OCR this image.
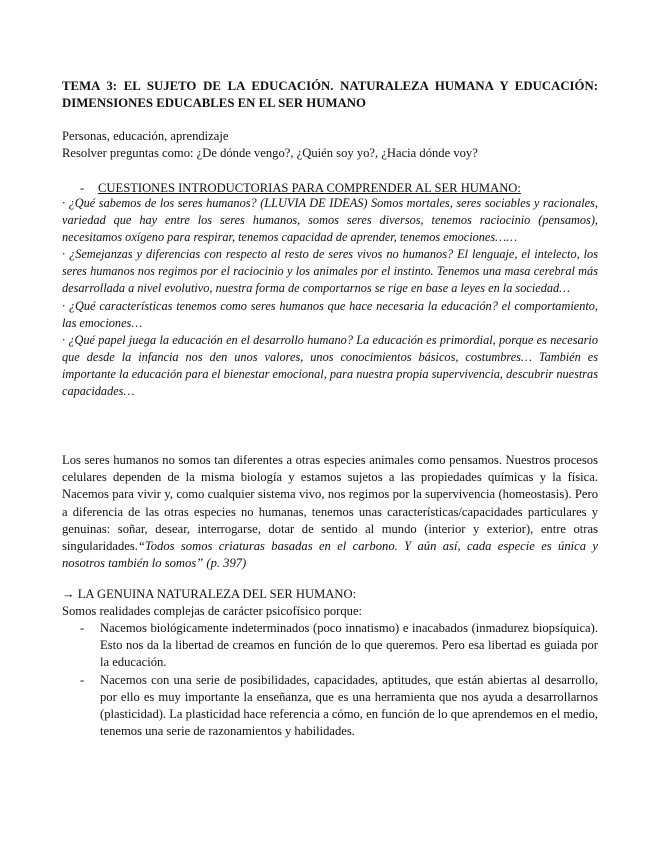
TEMA 3: EL SUJETO DE LA EDUCACIÓN. NATURALEZA HUMANA Y EDUCACIÓN: DIMENSIONES EDUCABLES EN EL SER HUMANO

Personas, educación, aprendizaje

Resolver preguntas como: ¿De dónde vengo?, ¿Quién soy yo?, ¿Hacia dónde voy?

- CUESTIONES INTRODUCTORIAS PARA COMPRENDER AL SER HUMANO:

· ¿Qué sabemos de los seres humanos? (LLUVIA DE IDEAS) Somos mortales, seres sociables y racionales, variedad que hay entre los seres humanos, somos seres diversos, tenemos raciocinio (pensamos), necesitamos oxígeno para respirar, tenemos capacidad de aprender, tenemos emociones……

· ¿Semejanzas y diferencias con respecto al resto de seres vivos no humanos? El lenguaje, el intelecto, los seres humanos nos regimos por el raciocinio y los animales por el instinto. Tenemos una masa cerebral más desarrollada a nivel evolutivo, nuestra forma de comportarnos se rige en base a leyes en la sociedad…

· ¿Qué características tenemos como seres humanos que hace necesaria la educación? el comportamiento, las emociones…

· ¿Qué papel juega la educación en el desarrollo humano? La educación es primordial, porque es necesario que desde la infancia nos den unos valores, unos conocimientos básicos, costumbres… También es importante la educación para el bienestar emocional, para nuestra propia supervivencia, descubrir nuestras capacidades…

Los seres humanos no somos tan diferentes a otras especies animales como pensamos. Nuestros procesos celulares dependen de la misma biología y estamos sujetos a las propiedades químicas y la física. Nacemos para vivir y, como cualquier sistema vivo, nos regimos por la supervivencia (homeostasis). Pero a diferencia de las otras especies no humanas, tenemos unas características/capacidades particulares y genuinas: soñar, desear, interrogarse, dotar de sentido al mundo (interior y exterior), entre otras singularidades.“Todos somos criaturas basadas en el carbono. Y aún así, cada especie es única y nosotros también lo somos” (p. 397)

→ LA GENUINA NATURALEZA DEL SER HUMANO:
Somos realidades complejas de carácter psicofísico porque:
- Nacemos biológicamente indeterminados (poco innatismo) e inacabados (inmadurez biopsíquica). Esto nos da la libertad de creamos en función de lo que queremos. Pero esa libertad es guiada por la educación.
- Nacemos con una serie de posibilidades, capacidades, aptitudes, que están abiertas al desarrollo, por ello es muy importante la enseñanza, que es una herramienta que nos ayuda a desarrollarnos (plasticidad). La plasticidad hace referencia a cómo, en función de lo que aprendemos en el medio, tenemos una serie de razonamientos y habilidades.
